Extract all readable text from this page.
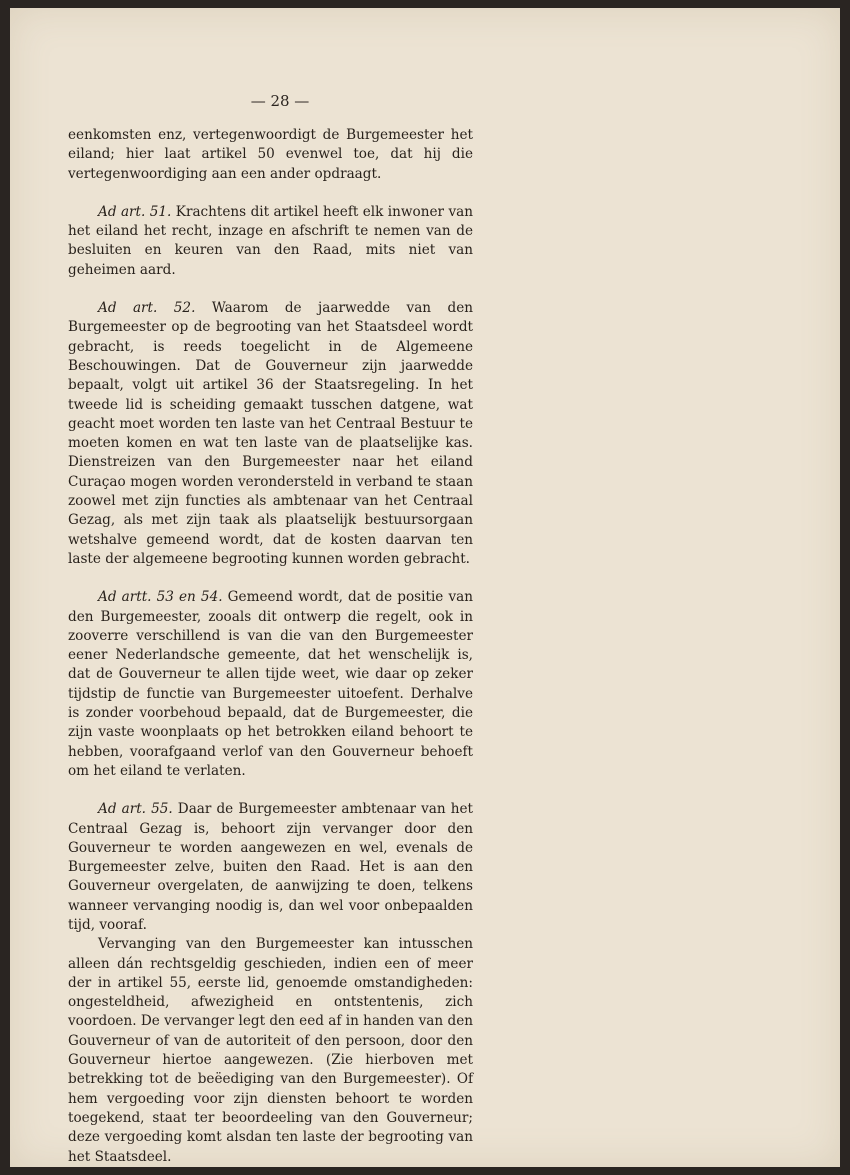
— 28 —

eenkomsten enz, vertegenwoordigt de Burgemeester het eiland; hier laat artikel 50 evenwel toe, dat hij die vertegenwoordiging aan een ander opdraagt.

Ad art. 51. Krachtens dit artikel heeft elk inwoner van het eiland het recht, inzage en afschrift te nemen van de besluiten en keuren van den Raad, mits niet van geheimen aard.

Ad art. 52. Waarom de jaarwedde van den Burgemeester op de begrooting van het Staatsdeel wordt gebracht, is reeds toegelicht in de Algemeene Beschouwingen. Dat de Gouverneur zijn jaarwedde bepaalt, volgt uit artikel 36 der Staatsregeling. In het tweede lid is scheiding gemaakt tusschen datgene, wat geacht moet worden ten laste van het Centraal Bestuur te moeten komen en wat ten laste van de plaatselijke kas. Dienstreizen van den Burgemeester naar het eiland Curaçao mogen worden verondersteld in verband te staan zoowel met zijn functies als ambtenaar van het Centraal Gezag, als met zijn taak als plaatselijk bestuursorgaan wetshalve gemeend wordt, dat de kosten daarvan ten laste der algemeene begrooting kunnen worden gebracht.

Ad artt. 53 en 54. Gemeend wordt, dat de positie van den Burgemeester, zooals dit ontwerp die regelt, ook in zooverre verschillend is van die van den Burgemeester eener Nederlandsche gemeente, dat het wenschelijk is, dat de Gouverneur te allen tijde weet, wie daar op zeker tijdstip de functie van Burgemeester uitoefent. Derhalve is zonder voorbehoud bepaald, dat de Burgemeester, die zijn vaste woonplaats op het betrokken eiland behoort te hebben, voorafgaand verlof van den Gouverneur behoeft om het eiland te verlaten.

Ad art. 55. Daar de Burgemeester ambtenaar van het Centraal Gezag is, behoort zijn vervanger door den Gouverneur te worden aangewezen en wel, evenals de Burgemeester zelve, buiten den Raad. Het is aan den Gouverneur overgelaten, de aanwijzing te doen, telkens wanneer vervanging noodig is, dan wel voor onbepaalden tijd, vooraf.

Vervanging van den Burgemeester kan intusschen alleen dán rechtsgeldig geschieden, indien een of meer der in artikel 55, eerste lid, genoemde omstandigheden: ongesteldheid, afwezigheid en ontstentenis, zich voordoen. De vervanger legt den eed af in handen van den Gouverneur of van de autoriteit of den persoon, door den Gouverneur hiertoe aangewezen. (Zie hierboven met betrekking tot de beëediging van den Burgemeester). Of hem vergoeding voor zijn diensten behoort te worden toegekend, staat ter beoordeeling van den Gouverneur; deze vergoeding komt alsdan ten laste der begrooting van het Staatsdeel.
